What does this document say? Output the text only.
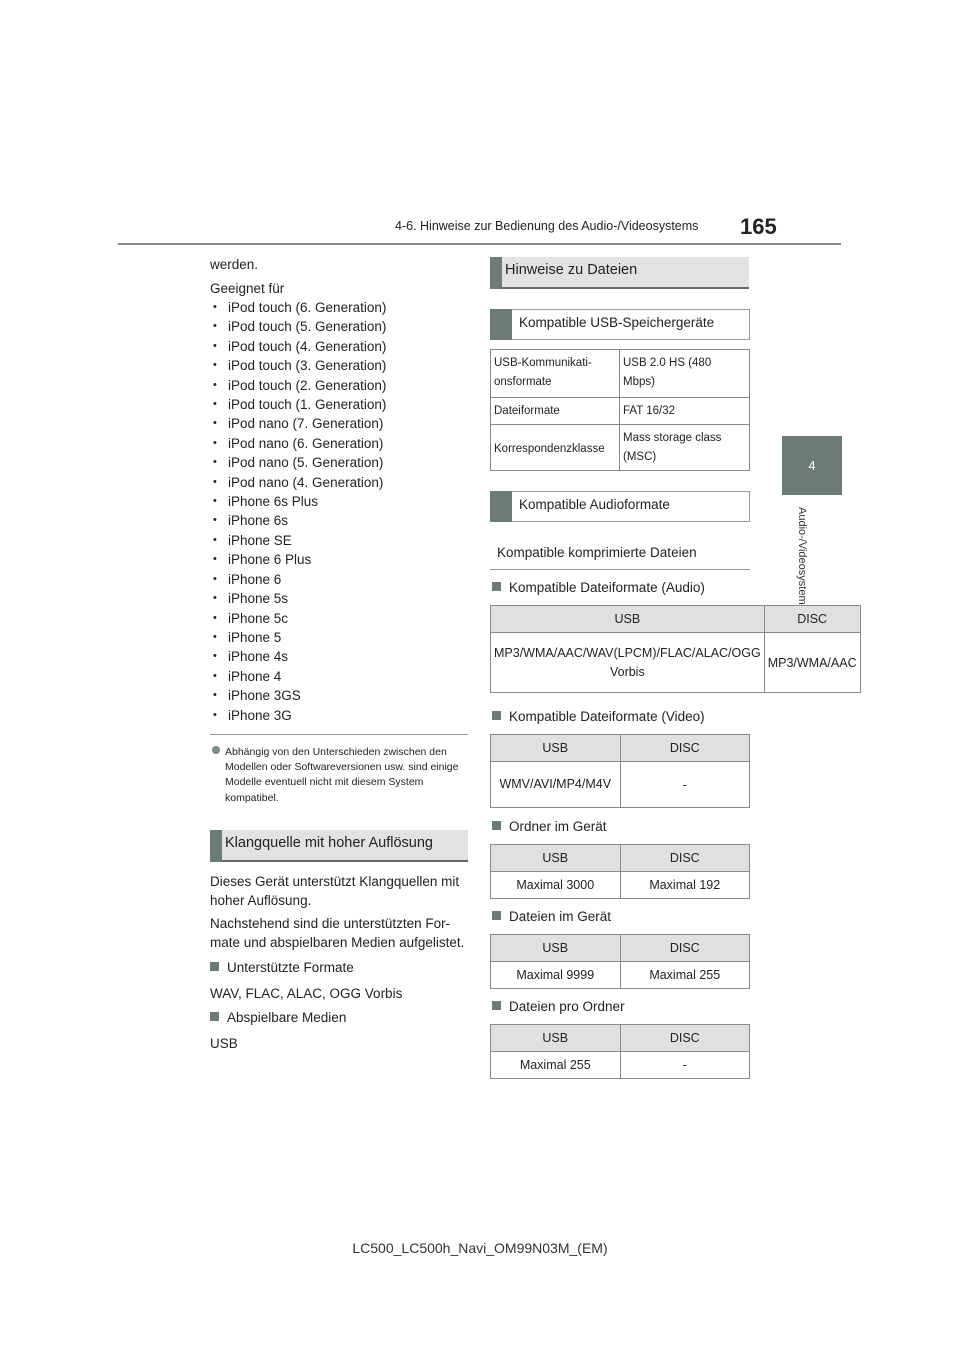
4-6. Hinweise zur Bedienung des Audio-/Videosystems 165
4
Audio-/Videosystem
werden.
Geeignet für
• iPod touch (6. Generation)
• iPod touch (5. Generation)
• iPod touch (4. Generation)
• iPod touch (3. Generation)
• iPod touch (2. Generation)
• iPod touch (1. Generation)
• iPod nano (7. Generation)
• iPod nano (6. Generation)
• iPod nano (5. Generation)
• iPod nano (4. Generation)
• iPhone 6s Plus
• iPhone 6s
• iPhone SE
• iPhone 6 Plus
• iPhone 6
• iPhone 5s
• iPhone 5c
• iPhone 5
• iPhone 4s
• iPhone 4
• iPhone 3GS
• iPhone 3G
Abhängig von den Unterschieden zwischen den Modellen oder Softwareversionen usw. sind einige Modelle eventuell nicht mit diesem System kompatibel.
Klangquelle mit hoher Auflösung
Dieses Gerät unterstützt Klangquellen mit hoher Auflösung.
Nachstehend sind die unterstützten For-mate und abspielbaren Medien aufgelistet.
Unterstützte Formate
WAV, FLAC, ALAC, OGG Vorbis
Abspielbare Medien
USB
Hinweise zu Dateien
Kompatible USB-Speichergeräte
USB-Kommunikati-onsformate	USB 2.0 HS (480 Mbps)
Dateiformate	FAT 16/32
Korrespondenzklasse	Mass storage class (MSC)
Kompatible Audioformate
Kompatible komprimierte Dateien
Kompatible Dateiformate (Audio)
USB	DISC
MP3/WMA/AAC/WAV(LPCM)/FLAC/ALAC/OGG Vorbis	MP3/WMA/AAC
Kompatible Dateiformate (Video)
USB	DISC
WMV/AVI/MP4/M4V	-
Ordner im Gerät
USB	DISC
Maximal 3000	Maximal 192
Dateien im Gerät
USB	DISC
Maximal 9999	Maximal 255
Dateien pro Ordner
USB	DISC
Maximal 255	-
LC500_LC500h_Navi_OM99N03M_(EM)
